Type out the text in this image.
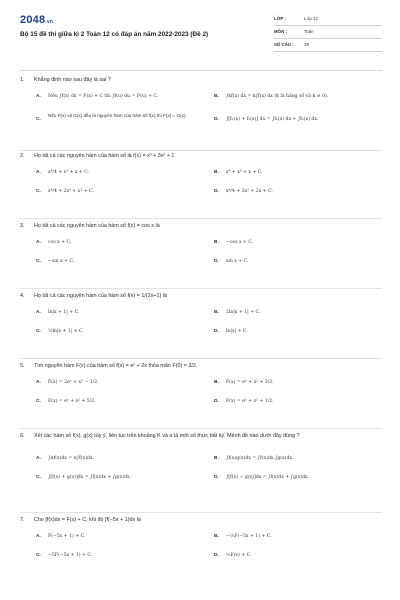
2048.vn
Bộ 15 đề thi giữa kì 2 Toán 12 có đáp án năm 2022-2023 (Đề 2)
LỚP :	Lớp 12
MÔN :	Toán
SỐ CÂU : 39
1. Khẳng định nào sau đây là sai ?
A.	Nếu ∫f(x) dx = F(x) + C thì ∫f(u) du = F(u) + C.	B.	∫kf(x) dx = k∫f(x) dx (k là hằng số và k ≠ 0).
C.
Nếu F(x) và G(x) đều là nguyên hàm của hàm số f(x) thì F(x) = G(x).
D.	∫[f₁(x) + f₂(x)] dx = ∫f₁(x) dx + ∫f₂(x) dx.
2. Họ tất cả các nguyên hàm của hàm số là f(x) = x³ + 3x² + 1
A.	x⁴/4 + x³ + x + C.	B.	x⁴ + x³ + x + C.
C.	x⁴/4 + 2x³ + x² + C.	D.	x⁴/4 + 3x² + 2x + C.
3. Họ tất cả các nguyên hàm của hàm số f(x) = cos x là
A.	cos x + C.	B.	−cos x + C.
C.	−sin x + C.	D.	sin x + C.
4. Họ tất cả các nguyên hàm của hàm số f(x) = 1/(2x+1) là
A.	ln|x + 1| + C.	B.	2ln|x + 1| + C.
C.	½ln|x + 1| + C.	D.	ln|x| + C.
5. Tìm nguyên hàm F(x) của hàm số f(x) = eˣ + 2x thỏa mãn F(0) = 3/2.
A.	F(x) = 2eˣ + x² − 1/2.	B.	F(x) = eˣ + x² + 3/2.
C.	F(x) = eˣ + x² + 5/2.	D.	F(x) = eˣ + x² + 1/2.
6. Xét các hàm số f(x), g(x) tùy ý, liên tục trên khoảng K và α là một số thực bất kỳ. Mệnh đề nào dưới đây đúng ?
A.	∫αf(x)dx = α∫f(x)dx.	B.	∫f(x)g(x)dx = ∫f(x)dx.∫g(x)dx.
C.	∫[f(x) + g(x)]dx = ∫f(x)dx + ∫g(x)dx.	D.	∫[f(x) − g(x)]dx = ∫f(x)dx + ∫g(x)dx.
7. Cho ∫f(x)dx = F(x) + C, khi đó ∫f(−5x + 1)dx là
A.	F(−5x + 1) + C.	B.	−⅕F(−5x + 1) + C.
C.	−5F(−5x + 1) + C.	D.	⅕F(x) + C.
